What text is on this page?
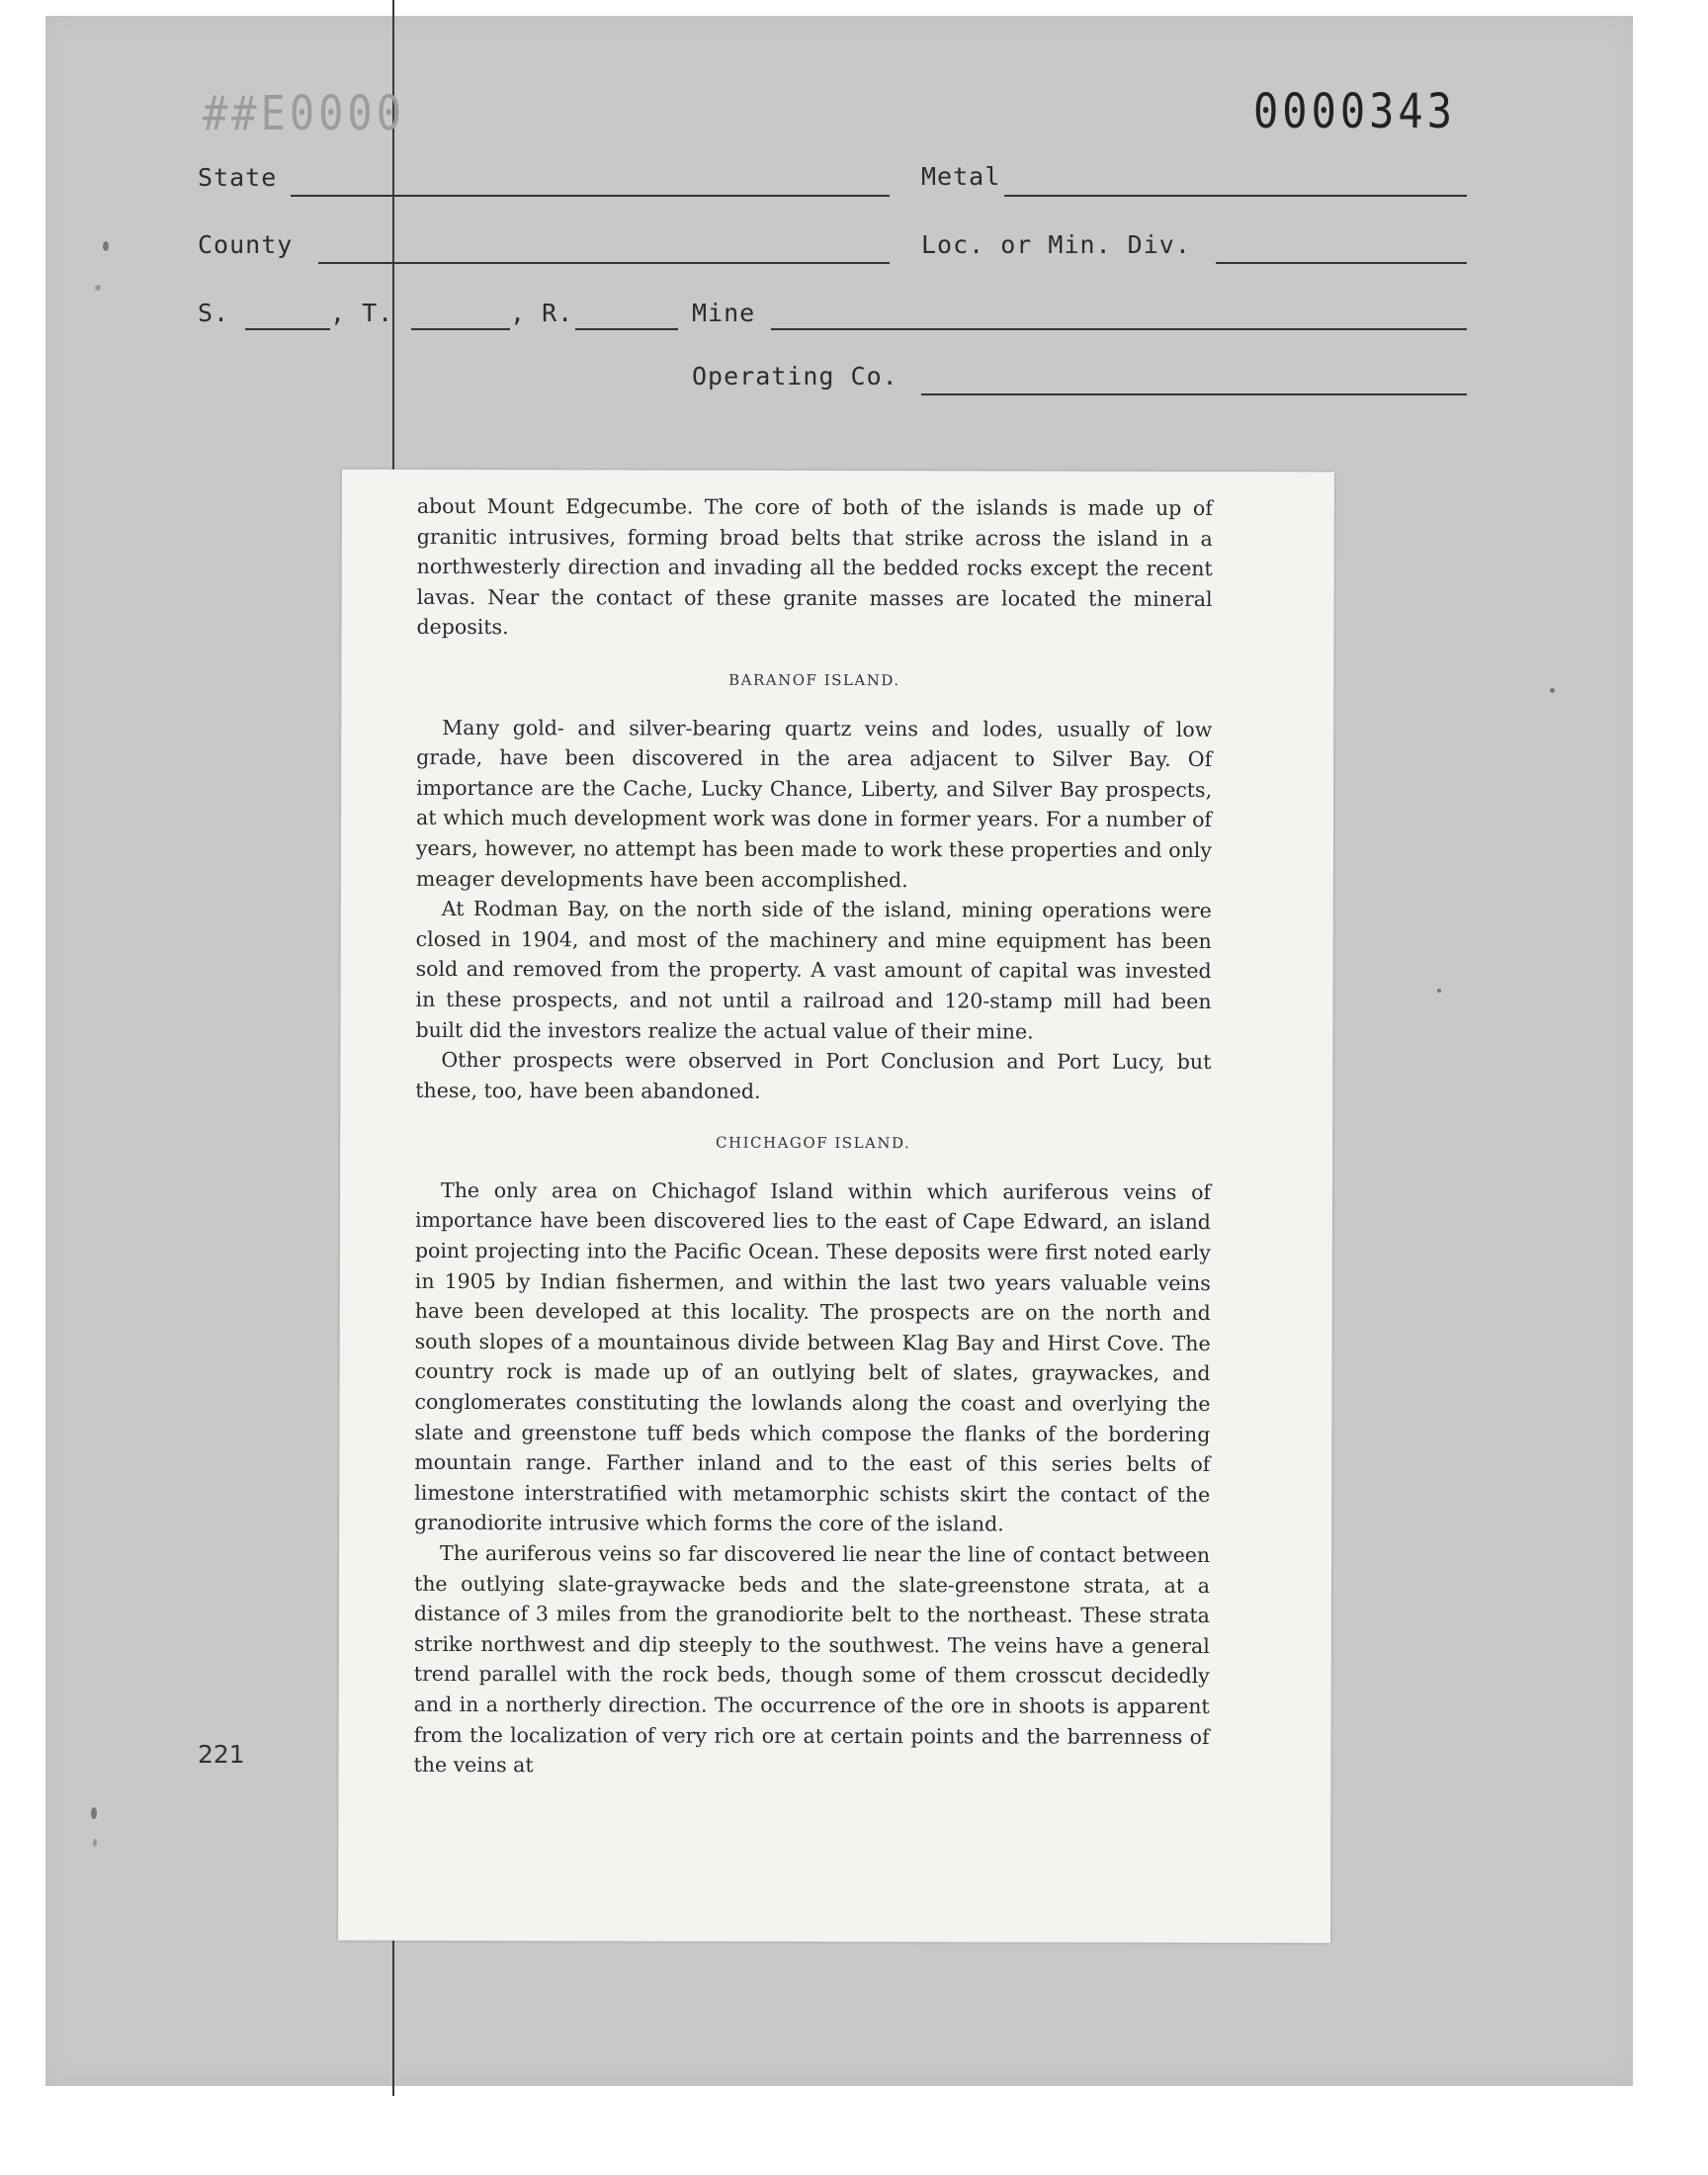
##E0000	0000343
State	Metal
County	Loc. or Min. Div.
S.	, T.	, R.	Mine
Operating Co.
221

about Mount Edgecumbe. The core of both of the islands is made up of granitic intrusives, forming broad belts that strike across the island in a northwesterly direction and invading all the bedded rocks except the recent lavas. Near the contact of these granite masses are located the mineral deposits.

BARANOF ISLAND.

Many gold- and silver-bearing quartz veins and lodes, usually of low grade, have been discovered in the area adjacent to Silver Bay. Of importance are the Cache, Lucky Chance, Liberty, and Silver Bay prospects, at which much development work was done in former years. For a number of years, however, no attempt has been made to work these properties and only meager developments have been accomplished.

At Rodman Bay, on the north side of the island, mining operations were closed in 1904, and most of the machinery and mine equipment has been sold and removed from the property. A vast amount of capital was invested in these prospects, and not until a railroad and 120-stamp mill had been built did the investors realize the actual value of their mine.

Other prospects were observed in Port Conclusion and Port Lucy, but these, too, have been abandoned.

CHICHAGOF ISLAND.

The only area on Chichagof Island within which auriferous veins of importance have been discovered lies to the east of Cape Edward, an island point projecting into the Pacific Ocean. These deposits were first noted early in 1905 by Indian fishermen, and within the last two years valuable veins have been developed at this locality. The prospects are on the north and south slopes of a mountainous divide between Klag Bay and Hirst Cove. The country rock is made up of an outlying belt of slates, graywackes, and conglomerates constituting the lowlands along the coast and overlying the slate and greenstone tuff beds which compose the flanks of the bordering mountain range. Farther inland and to the east of this series belts of limestone interstratified with metamorphic schists skirt the contact of the granodiorite intrusive which forms the core of the island.

The auriferous veins so far discovered lie near the line of contact between the outlying slate-graywacke beds and the slate-greenstone strata, at a distance of 3 miles from the granodiorite belt to the northeast. These strata strike northwest and dip steeply to the southwest. The veins have a general trend parallel with the rock beds, though some of them crosscut decidedly and in a northerly direction. The occurrence of the ore in shoots is apparent from the localization of very rich ore at certain points and the barrenness of the veins at
